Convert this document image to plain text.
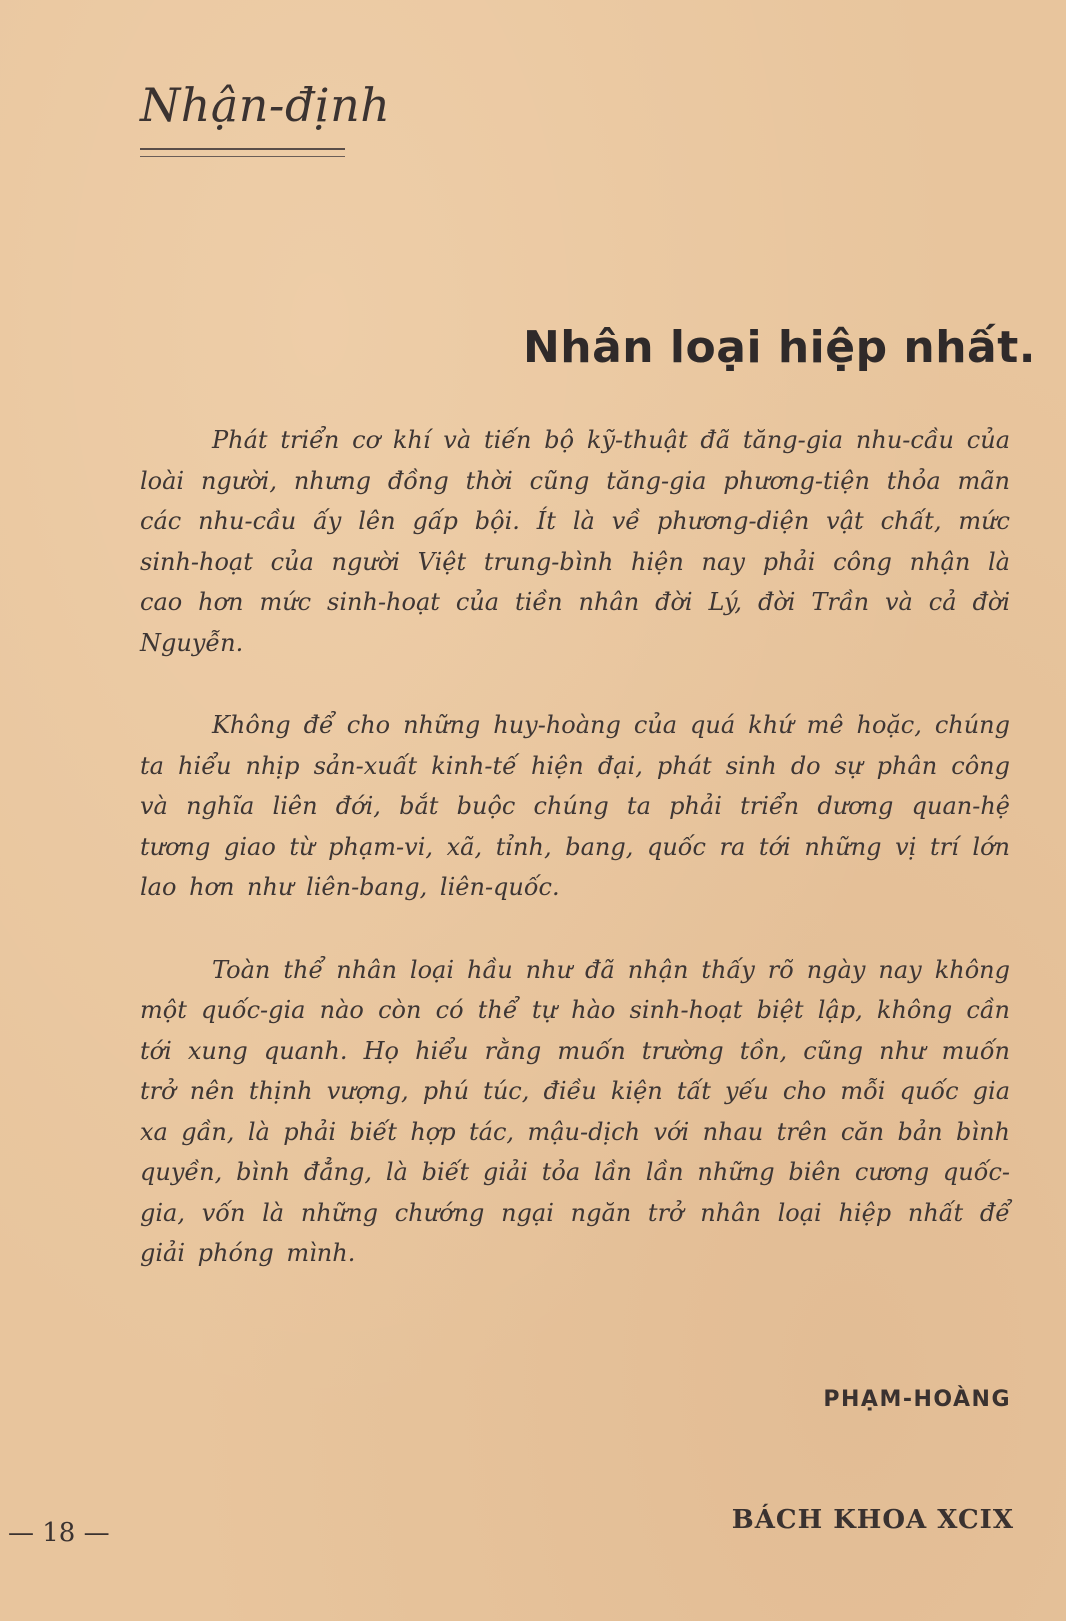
Nhận-định
Nhân loại hiệp nhất.

Phát triển cơ khí và tiến bộ kỹ-thuật đã tăng-gia nhu-cầu của loài người, nhưng đồng thời cũng tăng-gia phương-tiện thỏa mãn các nhu-cầu ấy lên gấp bội. Ít là về phương-diện vật chất, mức sinh-hoạt của người Việt trung-bình hiện nay phải công nhận là cao hơn mức sinh-hoạt của tiền nhân đời Lý, đời Trần và cả đời Nguyễn.

Không để cho những huy-hoàng của quá khứ mê hoặc, chúng ta hiểu nhịp sản-xuất kinh-tế hiện đại, phát sinh do sự phân công và nghĩa liên đới, bắt buộc chúng ta phải triển dương quan-hệ tương giao từ phạm-vi, xã, tỉnh, bang, quốc ra tới những vị trí lớn lao hơn như liên-bang, liên-quốc.

Toàn thể nhân loại hầu như đã nhận thấy rõ ngày nay không một quốc-gia nào còn có thể tự hào sinh-hoạt biệt lập, không cần tới xung quanh. Họ hiểu rằng muốn trường tồn, cũng như muốn trở nên thịnh vượng, phú túc, điều kiện tất yếu cho mỗi quốc gia xa gần, là phải biết hợp tác, mậu-dịch với nhau trên căn bản bình quyền, bình đẳng, là biết giải tỏa lần lần những biên cương quốc-gia, vốn là những chướng ngại ngăn trở nhân loại hiệp nhất để giải phóng mình.

PHẠM-HOÀNG

— 18 —	BÁCH KHOA XCIX
